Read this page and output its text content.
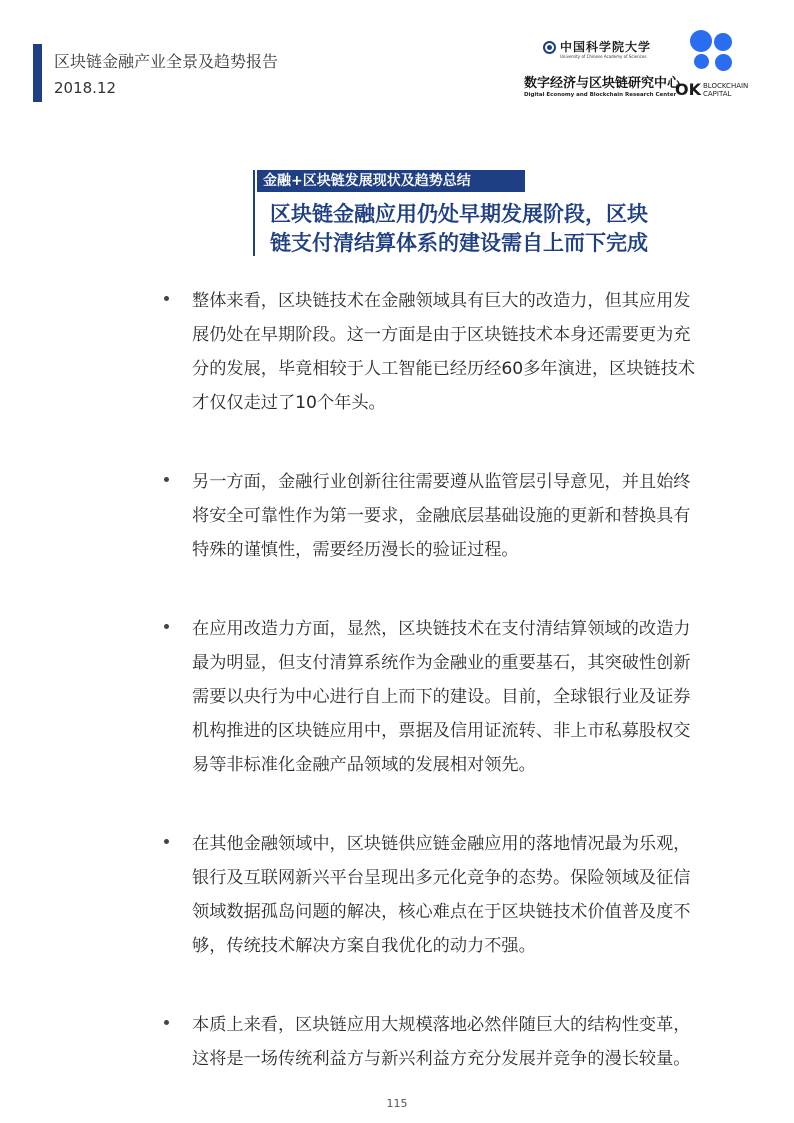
区块链金融产业全景及趋势报告
2018.12
中国科学院大学
University of Chinese Academy of Sciences
数字经济与区块链研究中心
Digital Economy and Blockchain Research Center
OK BLOCKCHAIN
CAPITAL
金融+区块链发展现状及趋势总结
区块链金融应用仍处早期发展阶段，区块
链支付清结算体系的建设需自上而下完成
整体来看，区块链技术在金融领域具有巨大的改造力，但其应用发
展仍处在早期阶段。这一方面是由于区块链技术本身还需要更为充
分的发展，毕竟相较于人工智能已经历经60多年演进，区块链技术
才仅仅走过了10个年头。
另一方面，金融行业创新往往需要遵从监管层引导意见，并且始终
将安全可靠性作为第一要求，金融底层基础设施的更新和替换具有
特殊的谨慎性，需要经历漫长的验证过程。
在应用改造力方面，显然，区块链技术在支付清结算领域的改造力
最为明显，但支付清算系统作为金融业的重要基石，其突破性创新
需要以央行为中心进行自上而下的建设。目前，全球银行业及证券
机构推进的区块链应用中，票据及信用证流转、非上市私募股权交
易等非标准化金融产品领域的发展相对领先。
在其他金融领域中，区块链供应链金融应用的落地情况最为乐观，
银行及互联网新兴平台呈现出多元化竞争的态势。保险领域及征信
领域数据孤岛问题的解决，核心难点在于区块链技术价值普及度不
够，传统技术解决方案自我优化的动力不强。
本质上来看，区块链应用大规模落地必然伴随巨大的结构性变革，
这将是一场传统利益方与新兴利益方充分发展并竞争的漫长较量。
115
